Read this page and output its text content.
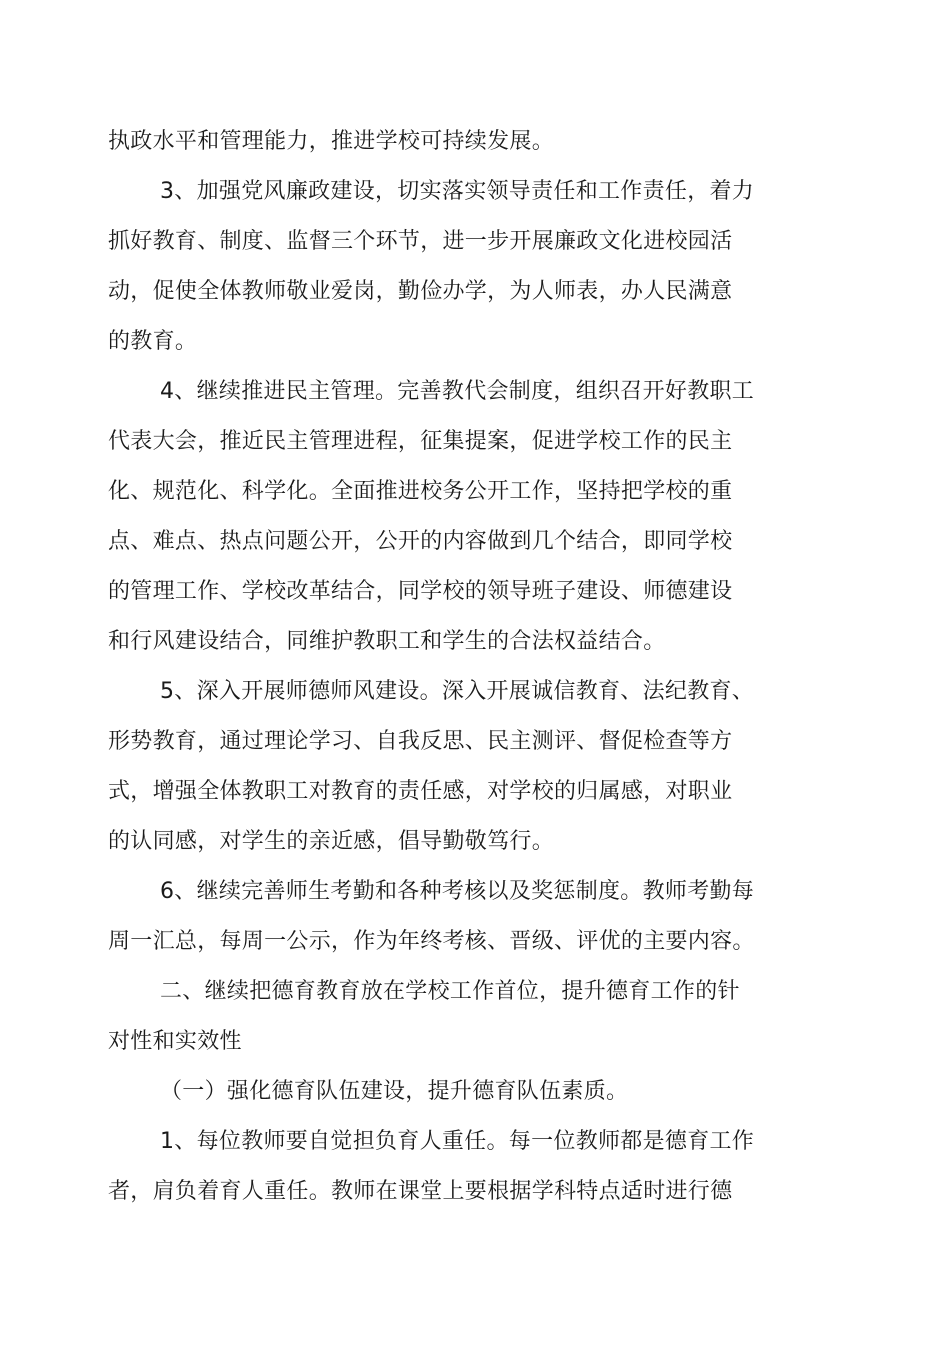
执政水平和管理能力，推进学校可持续发展。
3、加强党风廉政建设，切实落实领导责任和工作责任，着力
抓好教育、制度、监督三个环节，进一步开展廉政文化进校园活
动，促使全体教师敬业爱岗，勤俭办学，为人师表，办人民满意
的教育。
4、继续推进民主管理。完善教代会制度，组织召开好教职工
代表大会，推近民主管理进程，征集提案，促进学校工作的民主
化、规范化、科学化。全面推进校务公开工作，坚持把学校的重
点、难点、热点问题公开，公开的内容做到几个结合，即同学校
的管理工作、学校改革结合，同学校的领导班子建设、师德建设
和行风建设结合，同维护教职工和学生的合法权益结合。
5、深入开展师德师风建设。深入开展诚信教育、法纪教育、
形势教育，通过理论学习、自我反思、民主测评、督促检查等方
式，增强全体教职工对教育的责任感，对学校的归属感，对职业
的认同感，对学生的亲近感，倡导勤敬笃行。
6、继续完善师生考勤和各种考核以及奖惩制度。教师考勤每
周一汇总，每周一公示，作为年终考核、晋级、评优的主要内容。
二、继续把德育教育放在学校工作首位，提升德育工作的针
对性和实效性
（一）强化德育队伍建设，提升德育队伍素质。
1、每位教师要自觉担负育人重任。每一位教师都是德育工作
者，肩负着育人重任。教师在课堂上要根据学科特点适时进行德
